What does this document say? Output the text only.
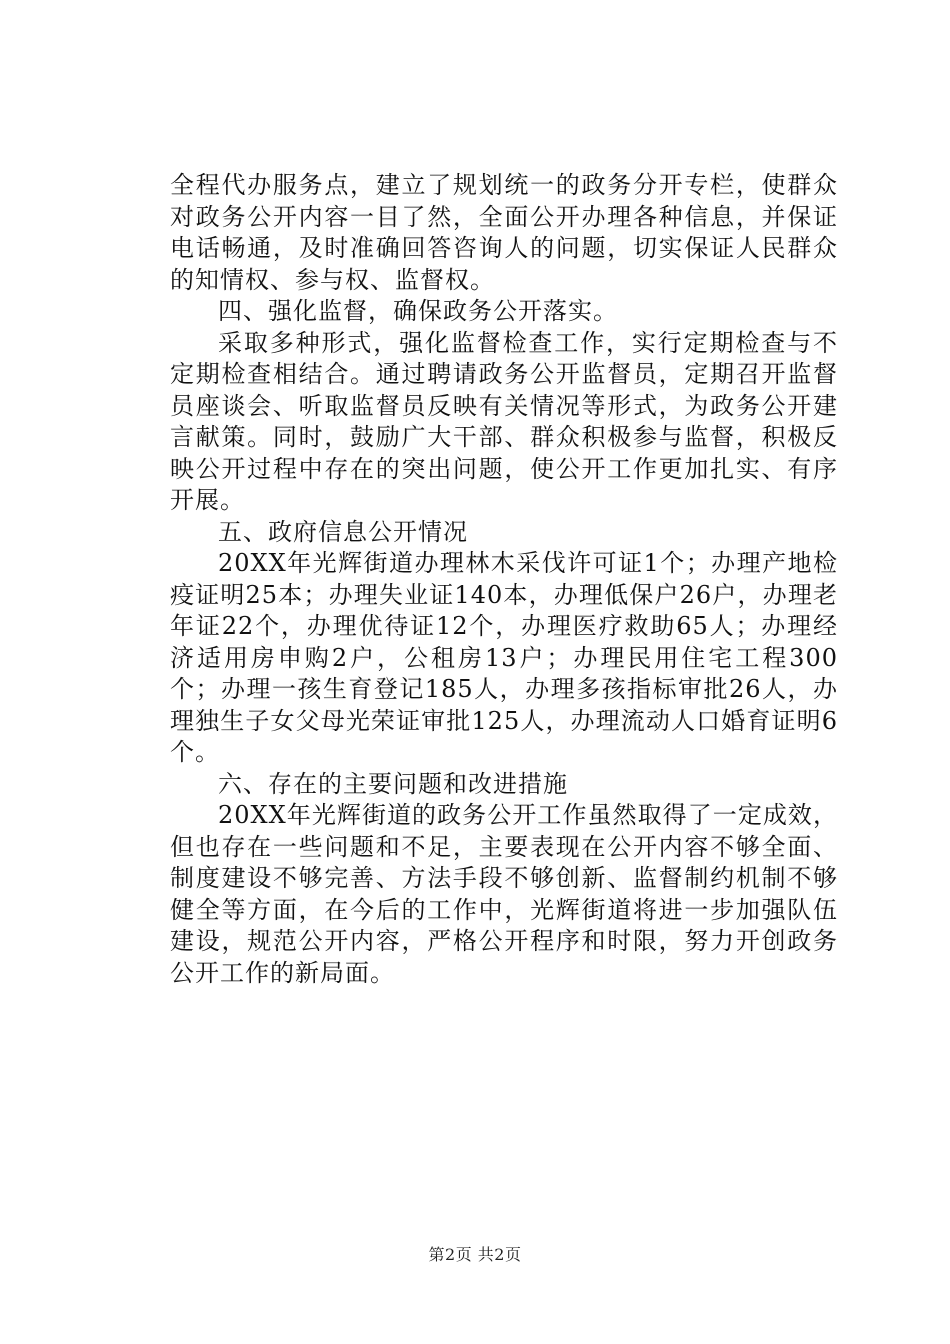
全程代办服务点，建立了规划统一的政务分开专栏，使群众对政务公开内容一目了然，全面公开办理各种信息，并保证电话畅通，及时准确回答咨询人的问题，切实保证人民群众的知情权、参与权、监督权。

四、强化监督，确保政务公开落实。

采取多种形式，强化监督检查工作，实行定期检查与不定期检查相结合。通过聘请政务公开监督员，定期召开监督员座谈会、听取监督员反映有关情况等形式，为政务公开建言献策。同时，鼓励广大干部、群众积极参与监督，积极反映公开过程中存在的突出问题，使公开工作更加扎实、有序开展。

五、政府信息公开情况

20XX年光辉街道办理林木采伐许可证1个；办理产地检疫证明25本；办理失业证140本，办理低保户26户，办理老年证22个，办理优待证12个，办理医疗救助65人；办理经济适用房申购2户，公租房13户；办理民用住宅工程300个；办理一孩生育登记185人，办理多孩指标审批26人，办理独生子女父母光荣证审批125人，办理流动人口婚育证明6个。

六、存在的主要问题和改进措施

20XX年光辉街道的政务公开工作虽然取得了一定成效，但也存在一些问题和不足，主要表现在公开内容不够全面、制度建设不够完善、方法手段不够创新、监督制约机制不够健全等方面，在今后的工作中，光辉街道将进一步加强队伍建设，规范公开内容，严格公开程序和时限，努力开创政务公开工作的新局面。

第2页 共2页
